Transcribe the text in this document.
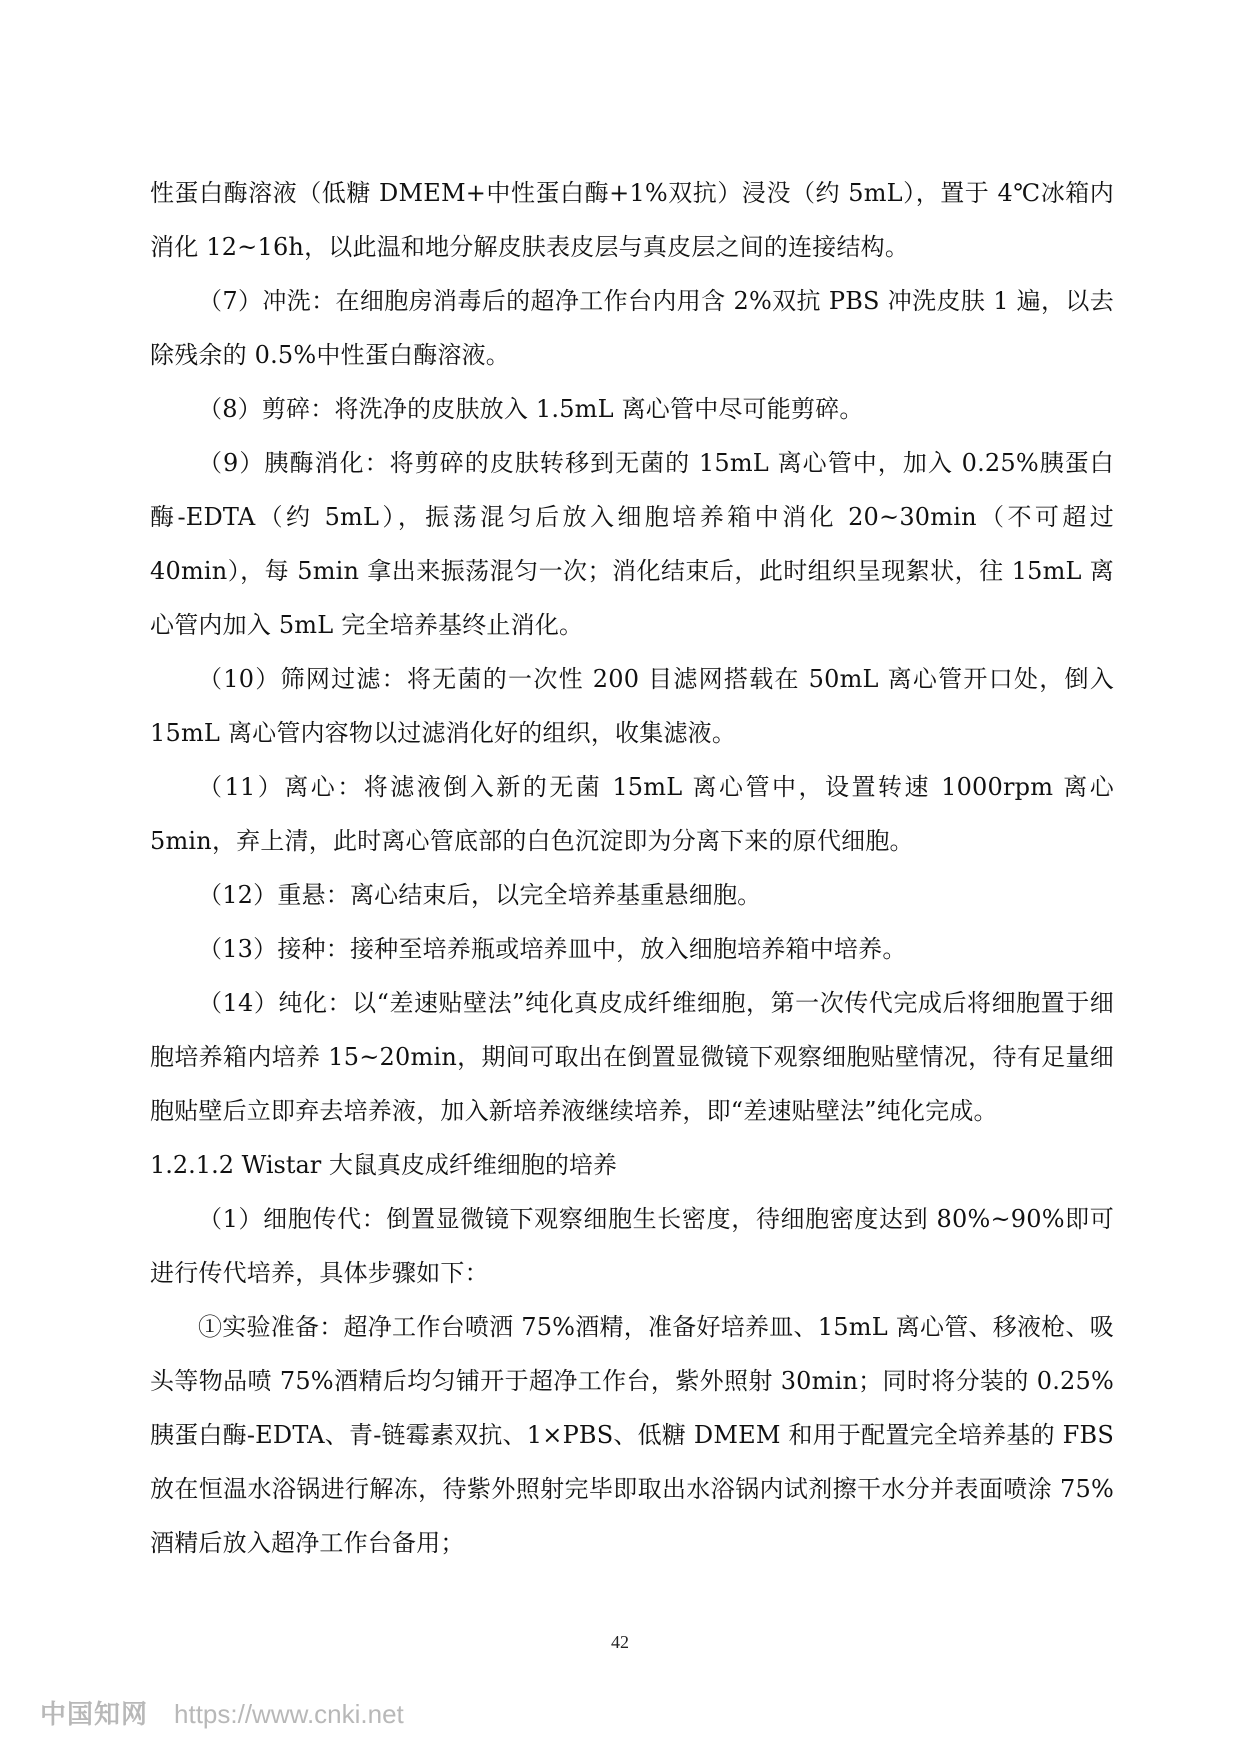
性蛋白酶溶液（低糖 DMEM+中性蛋白酶+1%双抗）浸没（约 5mL），置于 4℃冰箱内消化 12~16h，以此温和地分解皮肤表皮层与真皮层之间的连接结构。

（7）冲洗：在细胞房消毒后的超净工作台内用含 2%双抗 PBS 冲洗皮肤 1 遍，以去除残余的 0.5%中性蛋白酶溶液。

（8）剪碎：将洗净的皮肤放入 1.5mL 离心管中尽可能剪碎。

（9）胰酶消化：将剪碎的皮肤转移到无菌的 15mL 离心管中，加入 0.25%胰蛋白酶-EDTA（约 5mL），振荡混匀后放入细胞培养箱中消化 20~30min（不可超过 40min），每 5min 拿出来振荡混匀一次；消化结束后，此时组织呈现絮状，往 15mL 离心管内加入 5mL 完全培养基终止消化。

（10）筛网过滤：将无菌的一次性 200 目滤网搭载在 50mL 离心管开口处，倒入 15mL 离心管内容物以过滤消化好的组织，收集滤液。

（11）离心：将滤液倒入新的无菌 15mL 离心管中，设置转速 1000rpm 离心 5min，弃上清，此时离心管底部的白色沉淀即为分离下来的原代细胞。

（12）重悬：离心结束后，以完全培养基重悬细胞。

（13）接种：接种至培养瓶或培养皿中，放入细胞培养箱中培养。

（14）纯化：以“差速贴壁法”纯化真皮成纤维细胞，第一次传代完成后将细胞置于细胞培养箱内培养 15~20min，期间可取出在倒置显微镜下观察细胞贴壁情况，待有足量细胞贴壁后立即弃去培养液，加入新培养液继续培养，即“差速贴壁法”纯化完成。

1.2.1.2 Wistar 大鼠真皮成纤维细胞的培养

（1）细胞传代：倒置显微镜下观察细胞生长密度，待细胞密度达到 80%~90%即可进行传代培养，具体步骤如下：

①实验准备：超净工作台喷洒 75%酒精，准备好培养皿、15mL 离心管、移液枪、吸头等物品喷 75%酒精后均匀铺开于超净工作台，紫外照射 30min；同时将分装的 0.25%胰蛋白酶-EDTA、青-链霉素双抗、1×PBS、低糖 DMEM 和用于配置完全培养基的 FBS 放在恒温水浴锅进行解冻，待紫外照射完毕即取出水浴锅内试剂擦干水分并表面喷涂 75%酒精后放入超净工作台备用；

42
中国知网 https://www.cnki.net
